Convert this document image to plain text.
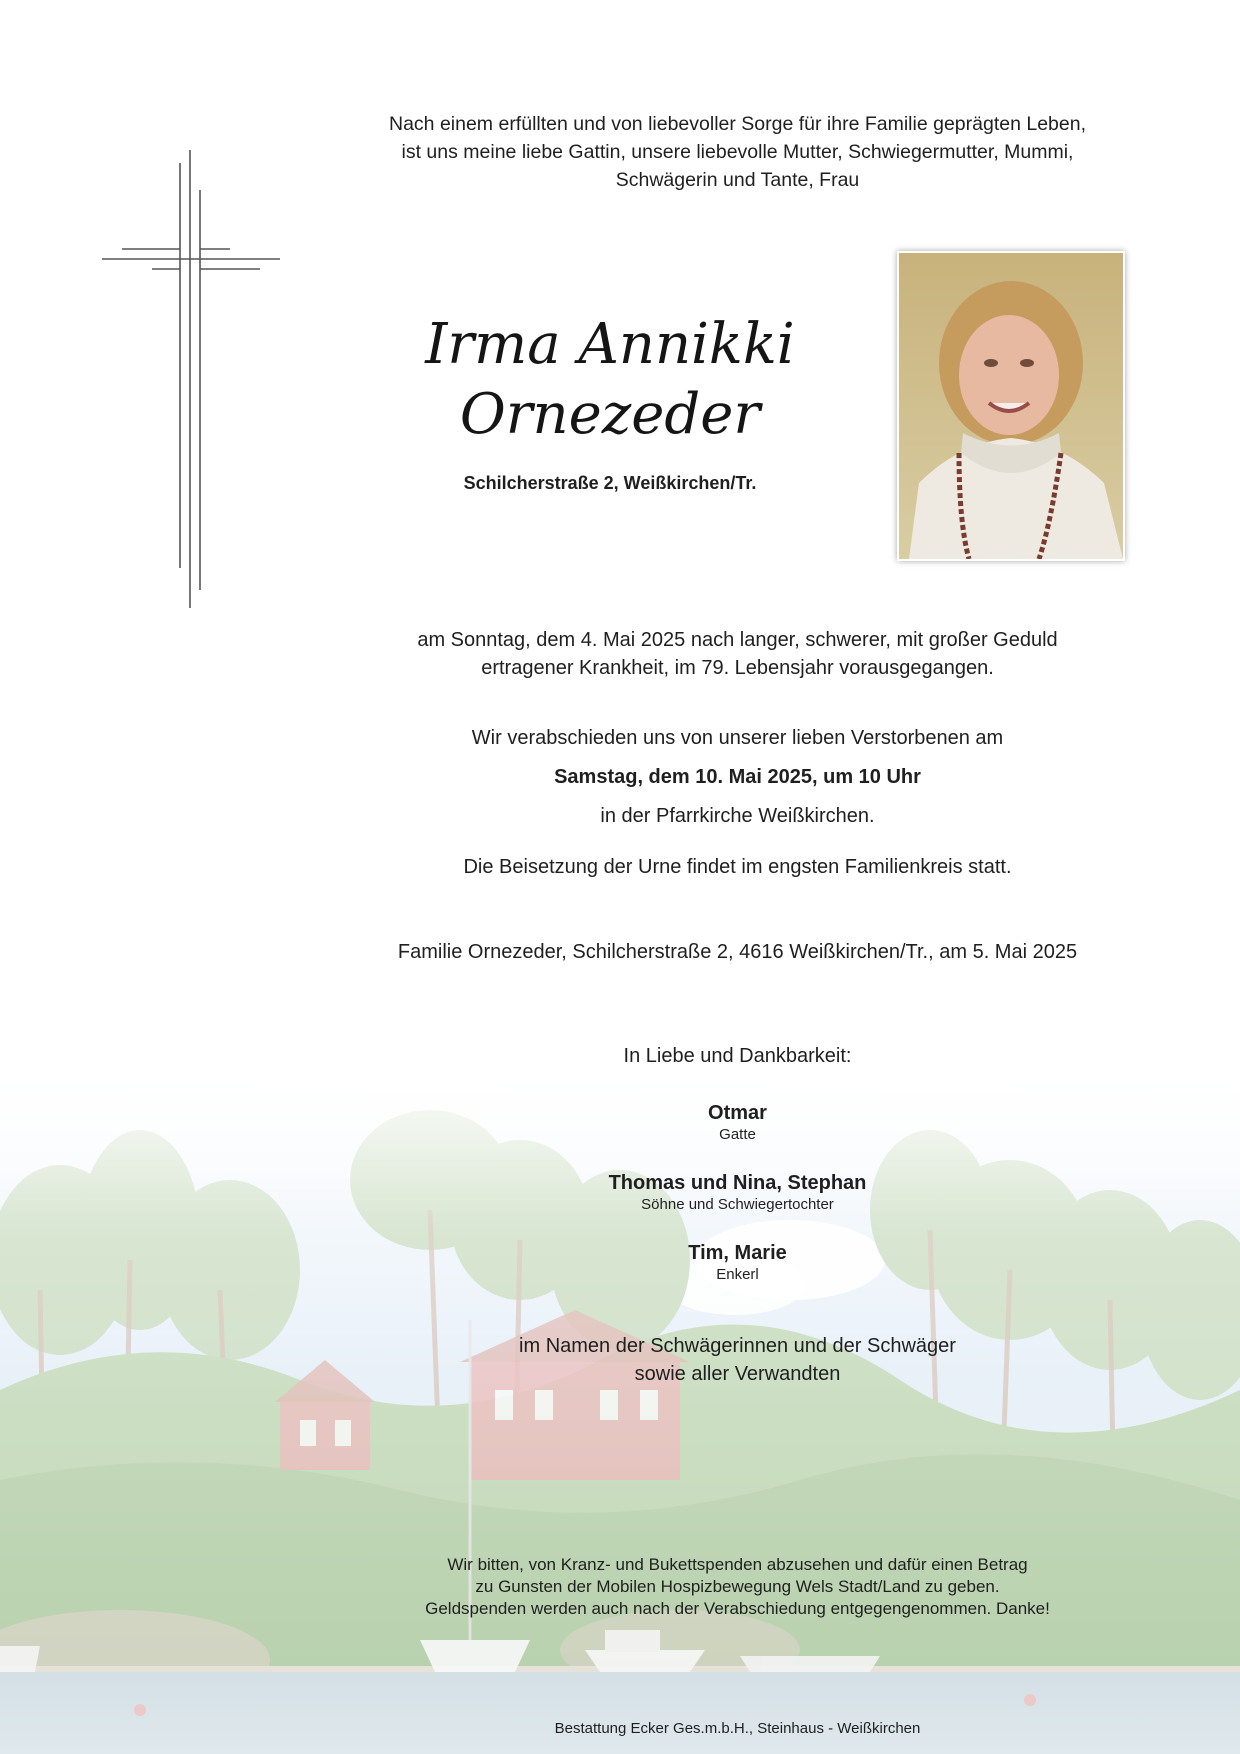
Nach einem erfüllten und von liebevoller Sorge für ihre Familie geprägten Leben,

ist uns meine liebe Gattin, unsere liebevolle Mutter, Schwiegermutter, Mummi,

Schwägerin und Tante, Frau

Irma Annikki

Ornezeder

Schilcherstraße 2, Weißkirchen/Tr.

am Sonntag, dem 4. Mai 2025 nach langer, schwerer, mit großer Geduld

ertragener Krankheit, im 79. Lebensjahr vorausgegangen.

Wir verabschieden uns von unserer lieben Verstorbenen am

Samstag, dem 10. Mai 2025, um 10 Uhr

in der Pfarrkirche Weißkirchen.

Die Beisetzung der Urne findet im engsten Familienkreis statt.

Familie Ornezeder, Schilcherstraße 2, 4616 Weißkirchen/Tr., am 5. Mai 2025
In Liebe und Dankbarkeit:

Otmar

Gatte

Thomas und Nina, Stephan

Söhne und Schwiegertochter

Tim, Marie

Enkerl

im Namen der Schwägerinnen und der Schwäger

sowie aller Verwandten

Wir bitten, von Kranz- und Bukettspenden abzusehen und dafür einen Betrag

zu Gunsten der Mobilen Hospizbewegung Wels Stadt/Land zu geben.

Geldspenden werden auch nach der Verabschiedung entgegengenommen. Danke!

Bestattung Ecker Ges.m.b.H., Steinhaus - Weißkirchen
